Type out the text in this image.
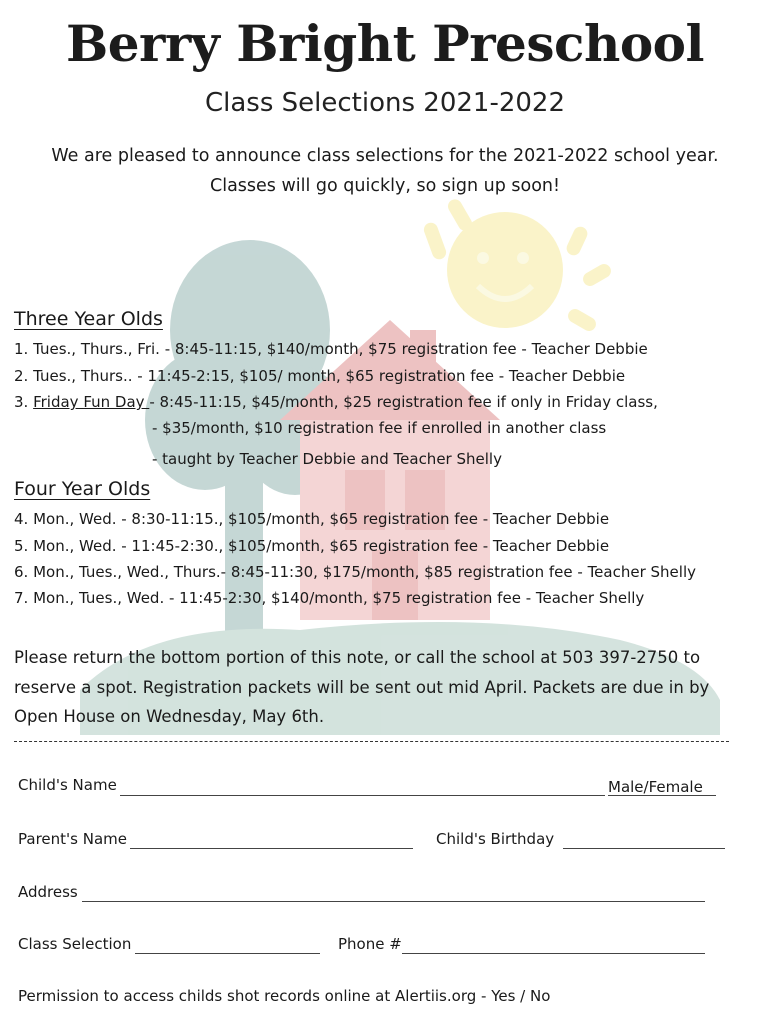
Berry Bright Preschool
Class Selections 2021-2022
We are pleased to announce class selections for the 2021-2022 school year.
Classes will go quickly, so sign up soon!
Three Year Olds
1. Tues., Thurs., Fri. - 8:45-11:15, $140/month, $75 registration fee - Teacher Debbie
2. Tues., Thurs.. - 11:45-2:15, $105/ month, $65 registration fee - Teacher Debbie
3. Friday Fun Day - 8:45-11:15, $45/month, $25 registration fee if only in Friday class,
- $35/month, $10 registration fee if enrolled in another class
- taught by Teacher Debbie and Teacher Shelly
Four Year Olds
4. Mon., Wed. - 8:30-11:15., $105/month, $65 registration fee - Teacher Debbie
5. Mon., Wed. - 11:45-2:30., $105/month, $65 registration fee - Teacher Debbie
6. Mon., Tues., Wed., Thurs.- 8:45-11:30, $175/month, $85 registration fee - Teacher Shelly
7. Mon., Tues., Wed. - 11:45-2:30, $140/month, $75 registration fee - Teacher Shelly
Please return the bottom portion of this note, or call the school at 503 397-2750 to
reserve a spot. Registration packets will be sent out mid April. Packets are due in by
Open House on Wednesday, May 6th.
Child's Name	Male/Female
Parent's Name	Child's Birthday
Address
Class Selection	Phone #
Permission to access childs shot records online at Alertiis.org - Yes / No
